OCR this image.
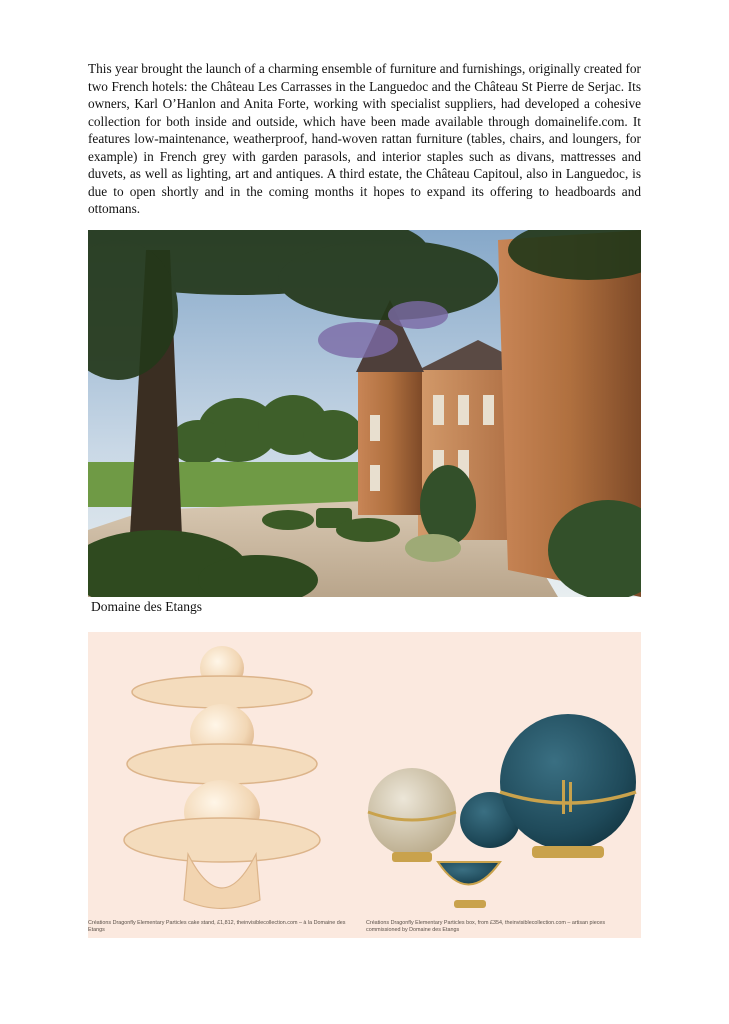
This year brought the launch of a charming ensemble of furniture and furnishings, originally created for two French hotels: the Château Les Carrasses in the Languedoc and the Château St Pierre de Serjac. Its owners, Karl O’Hanlon and Anita Forte, working with specialist suppliers, had developed a cohesive collection for both inside and outside, which have been made available through domainelife.com. It features low-maintenance, weatherproof, hand-woven rattan furniture (tables, chairs, and loungers, for example) in French grey with garden parasols, and interior staples such as divans, mattresses and duvets, as well as lighting, art and antiques. A third estate, the Château Capitoul, also in Languedoc, is due to open shortly and in the coming months it hopes to expand its offering to headboards and ottomans.

Domaine des Etangs

Créations Dragonfly Elementary Particles cake stand, £1,812, theinvisiblecollection.com – à la Domaine des Etangs

Créations Dragonfly Elementary Particles box, from £354, theinvisiblecollection.com – artisan pieces commissioned by Domaine des Etangs
